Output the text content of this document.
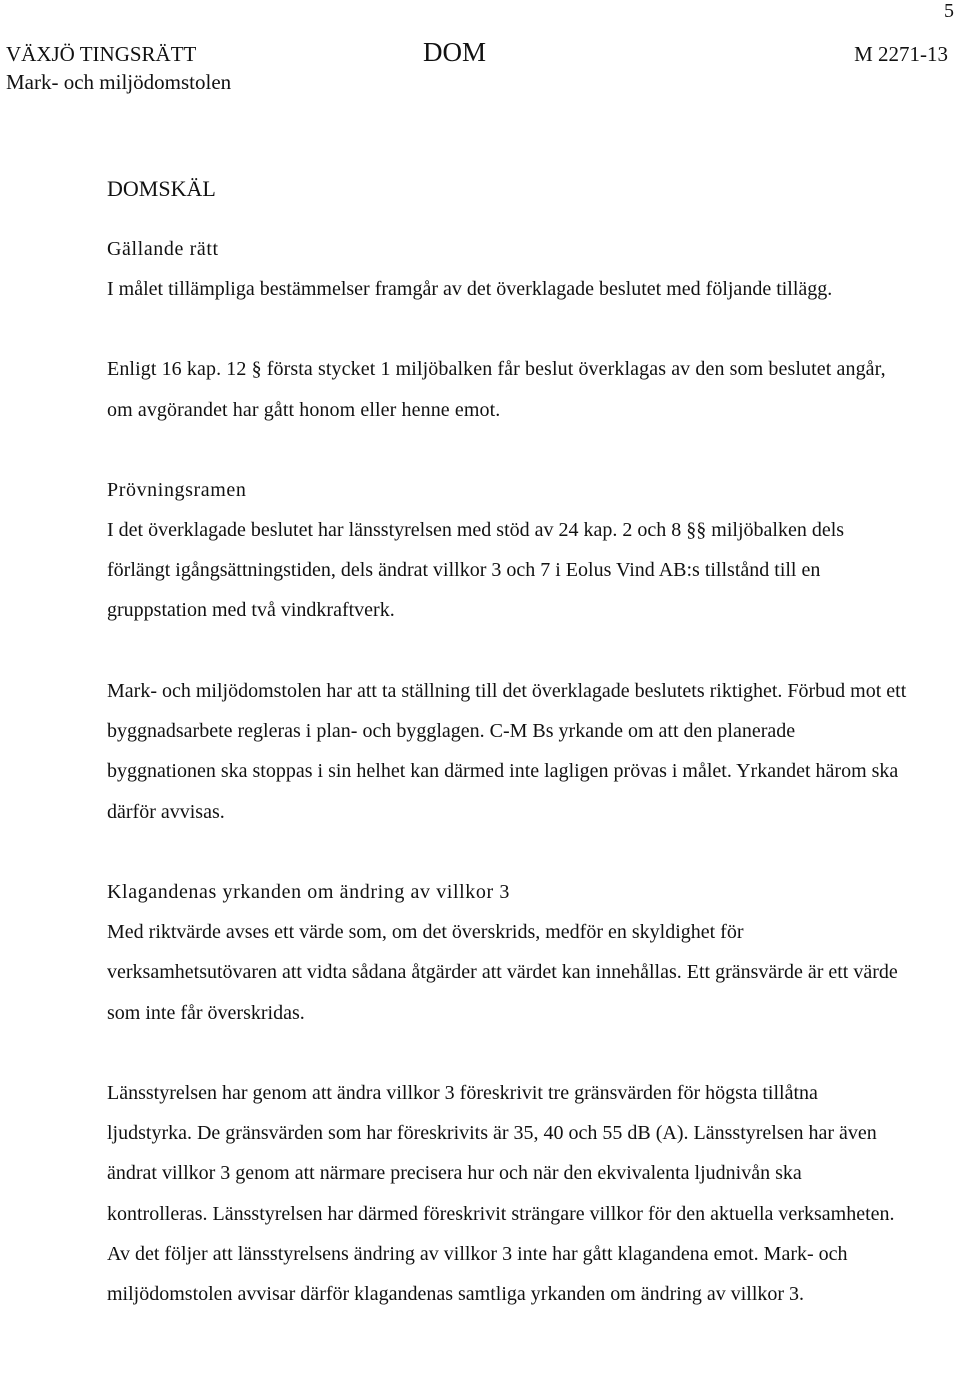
5
VÄXJÖ TINGSRÄTT
Mark- och miljödomstolen
DOM	M 2271-13
DOMSKÄL
Gällande rätt

I målet tillämpliga bestämmelser framgår av det överklagade beslutet med följande tillägg.

Enligt 16 kap. 12 § första stycket 1 miljöbalken får beslut överklagas av den som beslutet angår, om avgörandet har gått honom eller henne emot.

Prövningsramen

I det överklagade beslutet har länsstyrelsen med stöd av 24 kap. 2 och 8 §§ miljöbalken dels förlängt igångsättningstiden, dels ändrat villkor 3 och 7 i Eolus Vind AB:s tillstånd till en gruppstation med två vindkraftverk.

Mark- och miljödomstolen har att ta ställning till det överklagade beslutets riktighet. Förbud mot ett byggnadsarbete regleras i plan- och bygglagen. C-M Bs yrkande om att den planerade byggnationen ska stoppas i sin helhet kan därmed inte lagligen prövas i målet. Yrkandet härom ska därför avvisas.

Klagandenas yrkanden om ändring av villkor 3

Med riktvärde avses ett värde som, om det överskrids, medför en skyldighet för verksamhetsutövaren att vidta sådana åtgärder att värdet kan innehållas. Ett gränsvärde är ett värde som inte får överskridas.

Länsstyrelsen har genom att ändra villkor 3 föreskrivit tre gränsvärden för högsta tillåtna ljudstyrka. De gränsvärden som har föreskrivits är 35, 40 och 55 dB (A). Länsstyrelsen har även ändrat villkor 3 genom att närmare precisera hur och när den ekvivalenta ljudnivån ska kontrolleras. Länsstyrelsen har därmed föreskrivit strängare villkor för den aktuella verksamheten. Av det följer att länsstyrelsens ändring av villkor 3 inte har gått klagandena emot. Mark- och miljödomstolen avvisar därför klagandenas samtliga yrkanden om ändring av villkor 3.
